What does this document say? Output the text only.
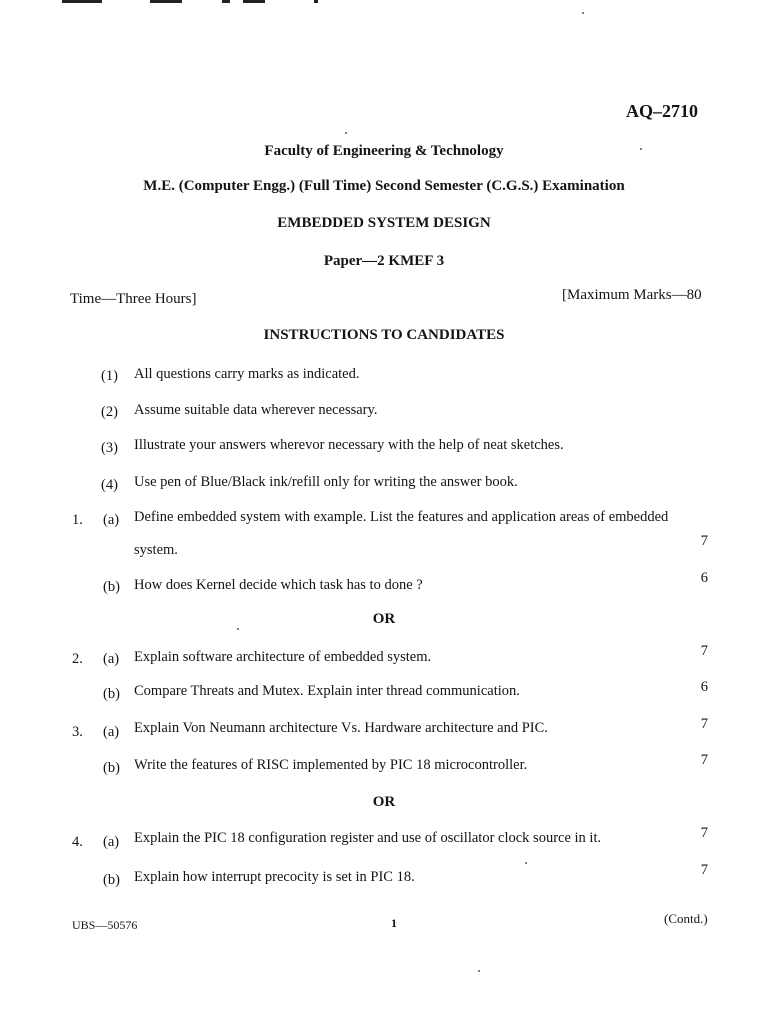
AQ–2710
Faculty of Engineering & Technology
M.E. (Computer Engg.) (Full Time) Second Semester (C.G.S.) Examination
EMBEDDED SYSTEM DESIGN
Paper—2 KMEF 3
Time—Three Hours]	[Maximum Marks—80
INSTRUCTIONS TO CANDIDATES
(1) All questions carry marks as indicated.
(2) Assume suitable data wherever necessary.
(3) Illustrate your answers wherevor necessary with the help of neat sketches.
(4) Use pen of Blue/Black ink/refill only for writing the answer book.
1. (a) Define embedded system with example. List the features and application areas of embedded
system.
7
(b) How does Kernel decide which task has to done ?	6
OR
2. (a) Explain software architecture of embedded system.	7
(b) Compare Threats and Mutex. Explain inter thread communication.	6
3. (a) Explain Von Neumann architecture Vs. Hardware architecture and PIC.	7
(b) Write the features of RISC implemented by PIC 18 microcontroller.	7
OR
4. (a) Explain the PIC 18 configuration register and use of oscillator clock source in it.	7
(b) Explain how interrupt precocity is set in PIC 18.	7
UBS—50576	1	(Contd.)
